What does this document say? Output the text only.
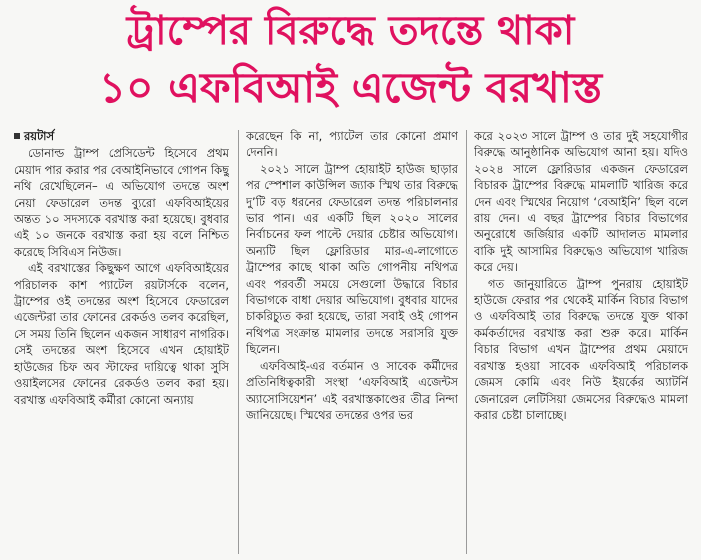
ট্রাম্পের বিরুদ্ধে তদন্তে থাকা
১০ এফবিআই এজেন্ট বরখাস্ত
রয়টার্স

ডোনাল্ড ট্রাম্প প্রেসিডেন্ট হিসেবে প্রথম মেয়াদ পার করার পর বেআইনিভাবে গোপন কিছু নথি রেখেছিলেন– এ অভিযোগ তদন্তে অংশ নেয়া ফেডারেল তদন্ত ব্যুরো এফবিআইয়ের অন্তত ১০ সদস্যকে বরখাস্ত করা হয়েছে। বুধবার এই ১০ জনকে বরখাস্ত করা হয় বলে নিশ্চিত করেছে সিবিএস নিউজ।

এই বরখাস্তের কিছুক্ষণ আগে এফবিআইয়ের পরিচালক কাশ প্যাটেল রয়টার্সকে বলেন, ট্রাম্পের ওই তদন্তের অংশ হিসেবে ফেডারেল এজেন্টরা তার ফোনের রেকর্ডও তলব করেছিল, সে সময় তিনি ছিলেন একজন সাধারণ নাগরিক। সেই তদন্তের অংশ হিসেবে এখন হোয়াইট হাউজের চিফ অব স্টাফের দায়িত্বে থাকা সুসি ওয়াইলসের ফোনের রেকর্ডও তলব করা হয়। বরখাস্ত এফবিআই কর্মীরা কোনো অন্যায়

করেছেন কি না, প্যাটেল তার কোনো প্রমাণ দেননি।

২০২১ সালে ট্রাম্প হোয়াইট হাউজ ছাড়ার পর স্পেশাল কাউন্সিল জ্যাক স্মিথ তার বিরুদ্ধে দু’টি বড় ধরনের ফেডারেল তদন্ত পরিচালনার ভার পান। এর একটি ছিল ২০২০ সালের নির্বাচনের ফল পাল্টে দেয়ার চেষ্টার অভিযোগ। অন্যটি ছিল ফ্লোরিডার মার-এ-লাগোতে ট্রাম্পের কাছে থাকা অতি গোপনীয় নথিপত্র এবং পরবর্তী সময়ে সেগুলো উদ্ধারে বিচার বিভাগকে বাধা দেয়ার অভিযোগ। বুধবার যাদের চাকরিচ্যুত করা হয়েছে, তারা সবাই ওই গোপন নথিপত্র সংক্রান্ত মামলার তদন্তে সরাসরি যুক্ত ছিলেন।

এফবিআই-এর বর্তমান ও সাবেক কর্মীদের প্রতিনিধিত্বকারী সংস্থা ‘এফবিআই এজেন্টস অ্যাসোসিয়েশন’ এই বরখাস্তকাণ্ডের তীব্র নিন্দা জানিয়েছে। স্মিথের তদন্তের ওপর ভর

করে ২০২৩ সালে ট্রাম্প ও তার দুই সহযোগীর বিরুদ্ধে আনুষ্ঠানিক অভিযোগ আনা হয়। যদিও ২০২৪ সালে ফ্লোরিডার একজন ফেডারেল বিচারক ট্রাম্পের বিরুদ্ধে মামলাটি খারিজ করে দেন এবং স্মিথের নিয়োগ ‘বেআইনি’ ছিল বলে রায় দেন। এ বছর ট্রাম্পের বিচার বিভাগের অনুরোধে জর্জিয়ার একটি আদালত মামলার বাকি দুই আসামির বিরুদ্ধেও অভিযোগ খারিজ করে দেয়।

গত জানুয়ারিতে ট্রাম্প পুনরায় হোয়াইট হাউজে ফেরার পর থেকেই মার্কিন বিচার বিভাগ ও এফবিআই তার বিরুদ্ধে তদন্তে যুক্ত থাকা কর্মকর্তাদের বরখাস্ত করা শুরু করে। মার্কিন বিচার বিভাগ এখন ট্রাম্পের প্রথম মেয়াদে বরখাস্ত হওয়া সাবেক এফবিআই পরিচালক জেমস কোমি এবং নিউ ইয়র্কের অ্যাটর্নি জেনারেল লেটিসিয়া জেমসের বিরুদ্ধেও মামলা করার চেষ্টা চালাচ্ছে।
